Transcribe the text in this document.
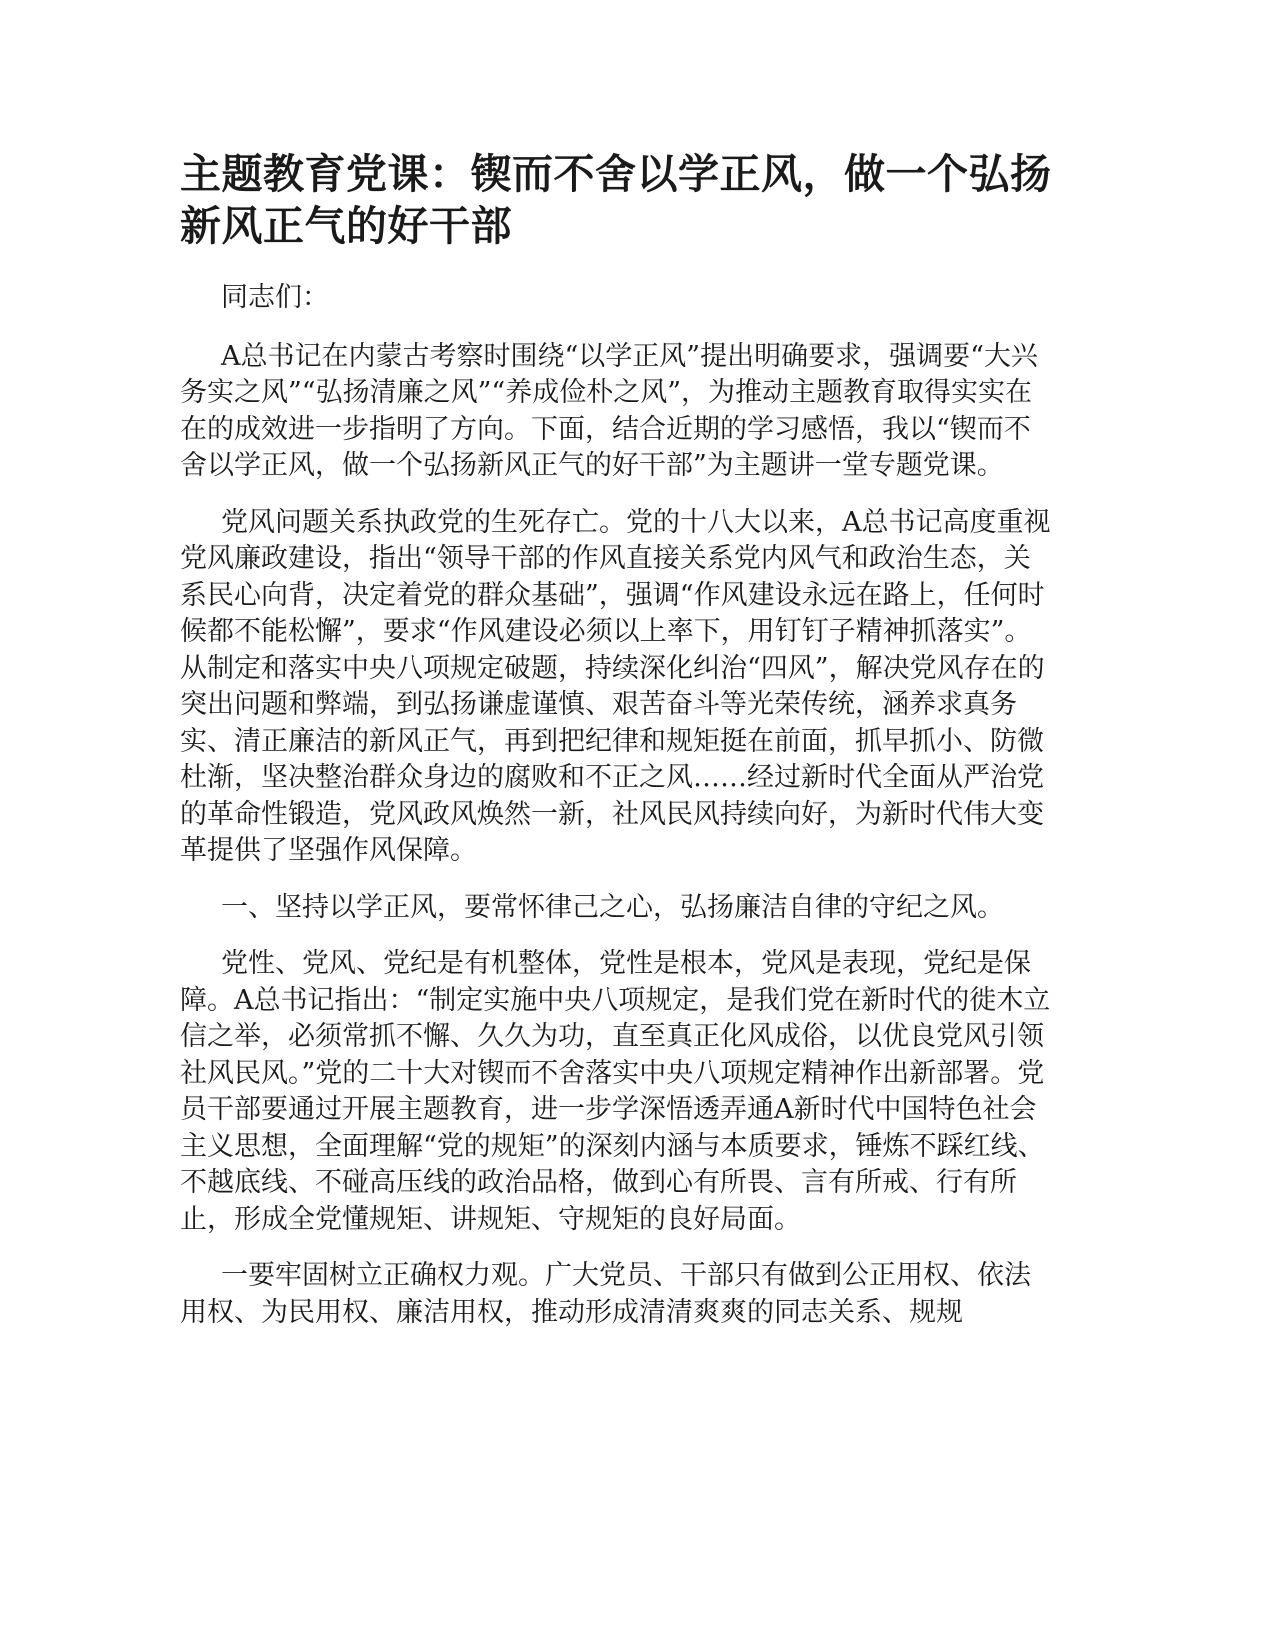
主题教育党课：锲而不舍以学正风，做一个弘扬新风正气的好干部

同志们：

A总书记在内蒙古考察时围绕“以学正风”提出明确要求，强调要“大兴务实之风”“弘扬清廉之风”“养成俭朴之风”，为推动主题教育取得实实在在的成效进一步指明了方向。下面，结合近期的学习感悟，我以“锲而不舍以学正风，做一个弘扬新风正气的好干部”为主题讲一堂专题党课。

党风问题关系执政党的生死存亡。党的十八大以来，A总书记高度重视党风廉政建设，指出“领导干部的作风直接关系党内风气和政治生态，关系民心向背，决定着党的群众基础”，强调“作风建设永远在路上，任何时候都不能松懈”，要求“作风建设必须以上率下，用钉钉子精神抓落实”。从制定和落实中央八项规定破题，持续深化纠治“四风”，解决党风存在的突出问题和弊端，到弘扬谦虚谨慎、艰苦奋斗等光荣传统，涵养求真务实、清正廉洁的新风正气，再到把纪律和规矩挺在前面，抓早抓小、防微杜渐，坚决整治群众身边的腐败和不正之风……经过新时代全面从严治党的革命性锻造，党风政风焕然一新，社风民风持续向好，为新时代伟大变革提供了坚强作风保障。

一、坚持以学正风，要常怀律己之心，弘扬廉洁自律的守纪之风。

党性、党风、党纪是有机整体，党性是根本，党风是表现，党纪是保障。A总书记指出：“制定实施中央八项规定，是我们党在新时代的徙木立信之举，必须常抓不懈、久久为功，直至真正化风成俗，以优良党风引领社风民风。”党的二十大对锲而不舍落实中央八项规定精神作出新部署。党员干部要通过开展主题教育，进一步学深悟透弄通A新时代中国特色社会主义思想，全面理解“党的规矩”的深刻内涵与本质要求，锤炼不踩红线、不越底线、不碰高压线的政治品格，做到心有所畏、言有所戒、行有所止，形成全党懂规矩、讲规矩、守规矩的良好局面。

一要牢固树立正确权力观。广大党员、干部只有做到公正用权、依法用权、为民用权、廉洁用权，推动形成清清爽爽的同志关系、规规
